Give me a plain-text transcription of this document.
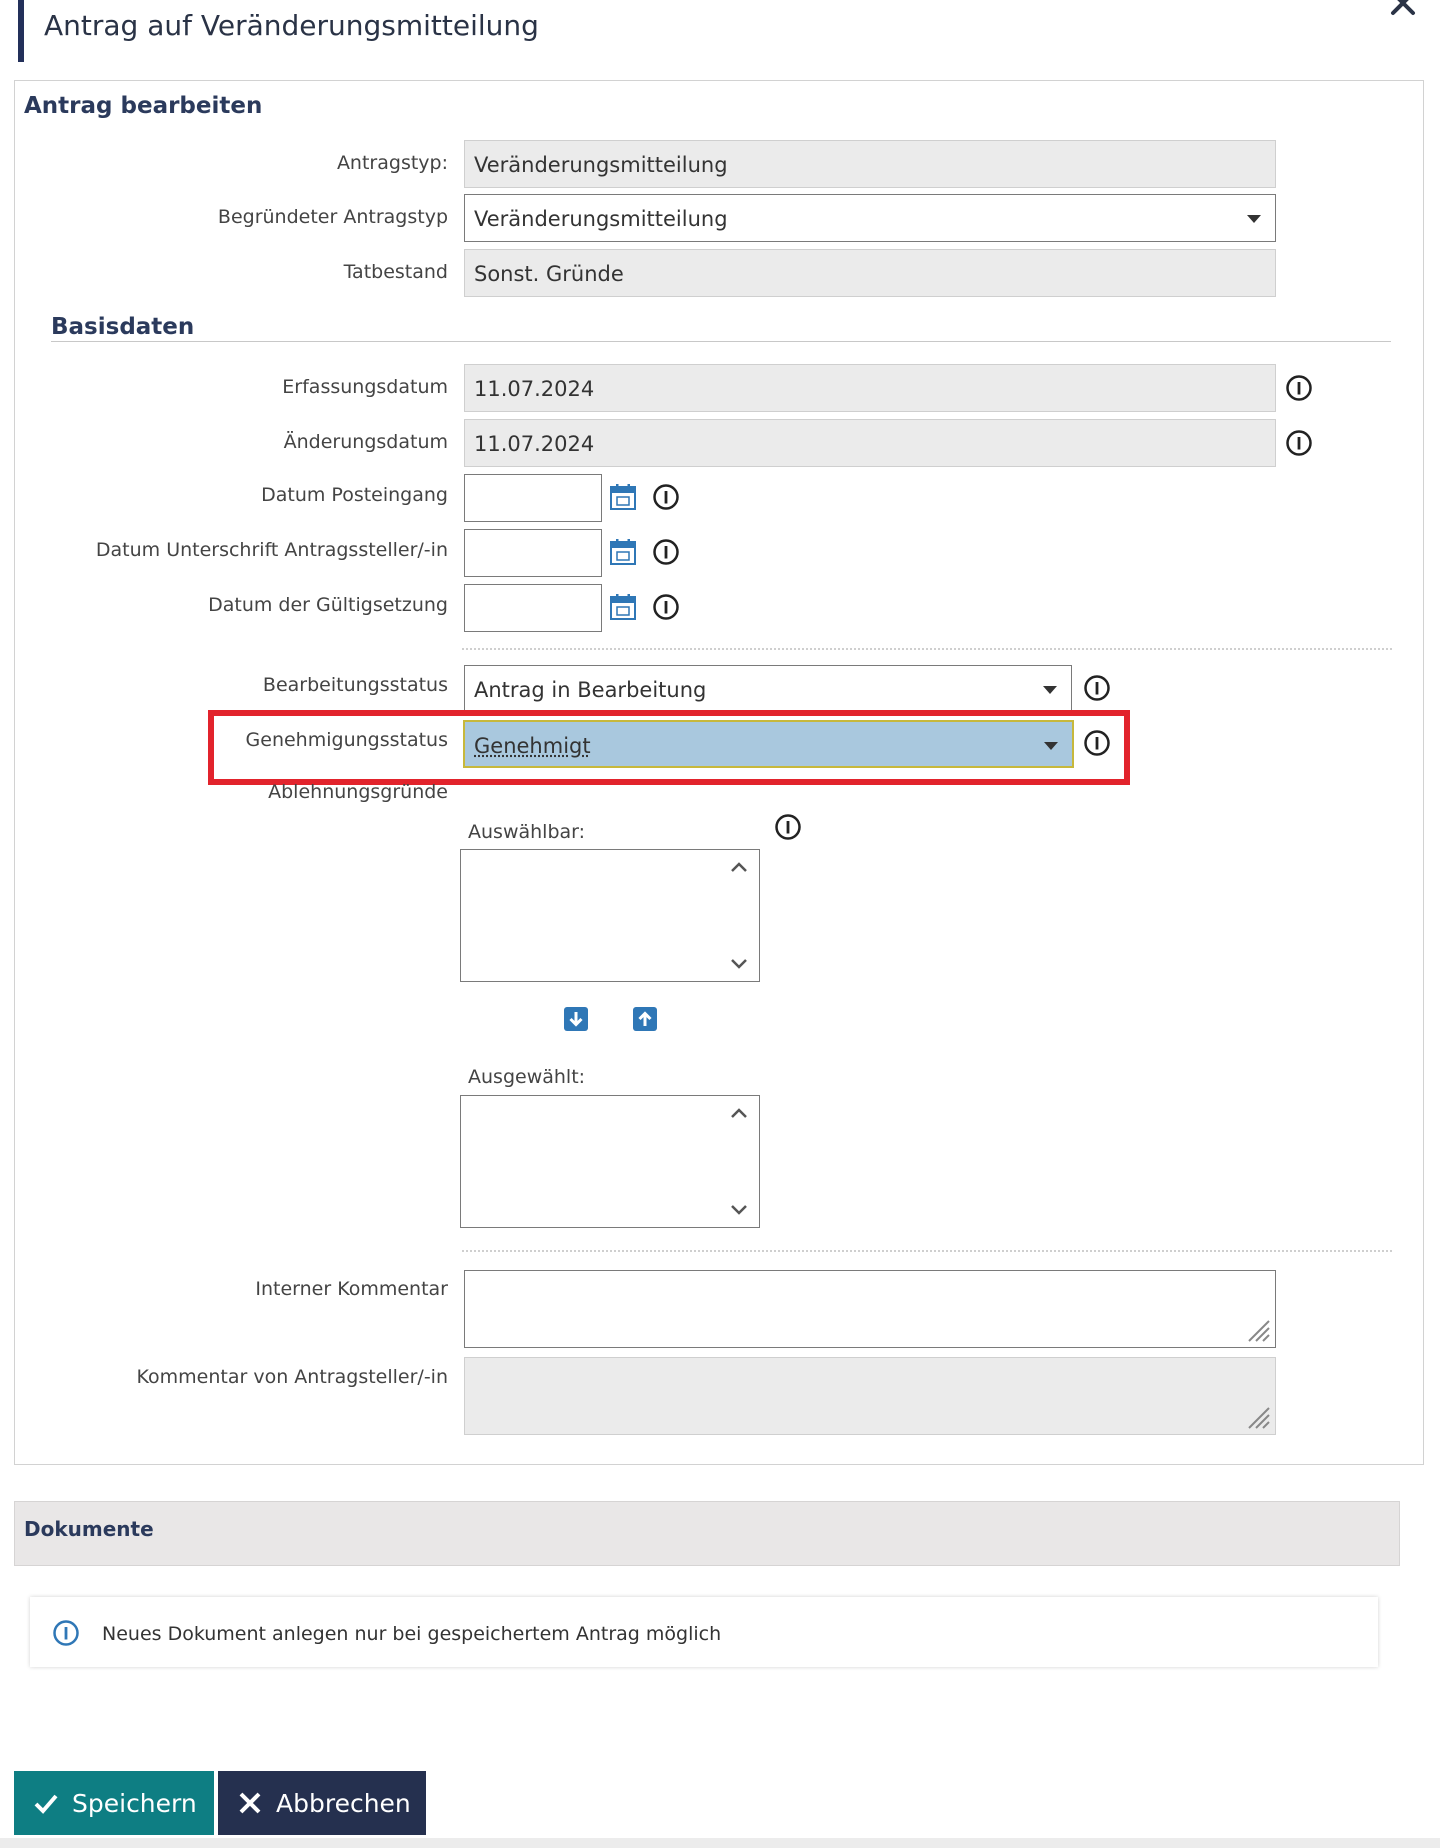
Antrag auf Veränderungsmitteilung
Antrag bearbeiten
Antragstyp:	Veränderungsmitteilung
Begründeter Antragstyp	Veränderungsmitteilung
Tatbestand	Sonst. Gründe
Basisdaten
Erfassungsdatum	11.07.2024
Änderungsdatum	11.07.2024
Datum Posteingang
Datum Unterschrift Antragssteller/-in
Datum der Gültigsetzung
Bearbeitungsstatus	Antrag in Bearbeitung
Genehmigungsstatus	Genehmigt
Ablehnungsgründe
Auswählbar:
Ausgewählt:
Interner Kommentar
Kommentar von Antragsteller/-in
Dokumente
Neues Dokument anlegen nur bei gespeichertem Antrag möglich
Speichern	Abbrechen
